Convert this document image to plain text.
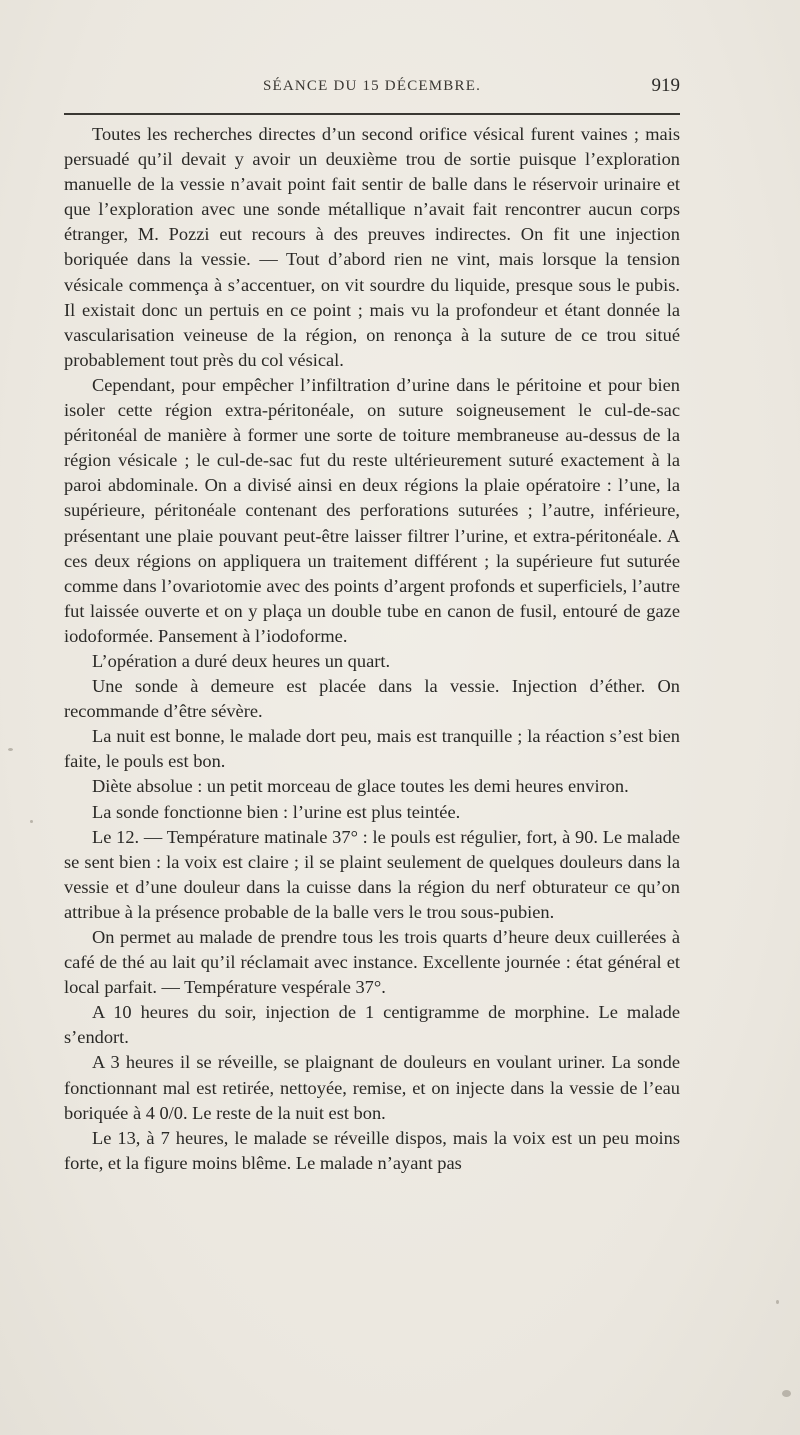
SÉANCE DU 15 DÉCEMBRE.	919

Toutes les recherches directes d’un second orifice vésical furent vaines ; mais persuadé qu’il devait y avoir un deuxième trou de sortie puisque l’exploration manuelle de la vessie n’avait point fait sentir de balle dans le réservoir urinaire et que l’exploration avec une sonde métallique n’avait fait rencontrer aucun corps étranger, M. Pozzi eut recours à des preuves indirectes. On fit une injection boriquée dans la vessie. — Tout d’abord rien ne vint, mais lorsque la tension vésicale commença à s’accentuer, on vit sourdre du liquide, presque sous le pubis. Il existait donc un pertuis en ce point ; mais vu la profondeur et étant donnée la vascularisation veineuse de la région, on renonça à la suture de ce trou situé probablement tout près du col vésical.

Cependant, pour empêcher l’infiltration d’urine dans le péritoine et pour bien isoler cette région extra-péritonéale, on suture soigneusement le cul-de-sac péritonéal de manière à former une sorte de toiture membraneuse au-dessus de la région vésicale ; le cul-de-sac fut du reste ultérieurement suturé exactement à la paroi abdominale. On a divisé ainsi en deux régions la plaie opératoire : l’une, la supérieure, péritonéale contenant des perforations suturées ; l’autre, inférieure, présentant une plaie pouvant peut-être laisser filtrer l’urine, et extra-péritonéale. A ces deux régions on appliquera un traitement différent ; la supérieure fut suturée comme dans l’ovariotomie avec des points d’argent profonds et superficiels, l’autre fut laissée ouverte et on y plaça un double tube en canon de fusil, entouré de gaze iodoformée. Pansement à l’iodoforme.

L’opération a duré deux heures un quart.

Une sonde à demeure est placée dans la vessie. Injection d’éther. On recommande d’être sévère.

La nuit est bonne, le malade dort peu, mais est tranquille ; la réaction s’est bien faite, le pouls est bon.

Diète absolue : un petit morceau de glace toutes les demi heures environ.

La sonde fonctionne bien : l’urine est plus teintée.

Le 12. — Température matinale 37° : le pouls est régulier, fort, à 90. Le malade se sent bien : la voix est claire ; il se plaint seulement de quelques douleurs dans la vessie et d’une douleur dans la cuisse dans la région du nerf obturateur ce qu’on attribue à la présence probable de la balle vers le trou sous-pubien.

On permet au malade de prendre tous les trois quarts d’heure deux cuillerées à café de thé au lait qu’il réclamait avec instance. Excellente journée : état général et local parfait. — Température vespérale 37°.

A 10 heures du soir, injection de 1 centigramme de morphine. Le malade s’endort.

A 3 heures il se réveille, se plaignant de douleurs en voulant uriner. La sonde fonctionnant mal est retirée, nettoyée, remise, et on injecte dans la vessie de l’eau boriquée à 4 0/0. Le reste de la nuit est bon.

Le 13, à 7 heures, le malade se réveille dispos, mais la voix est un peu moins forte, et la figure moins blême. Le malade n’ayant pas
